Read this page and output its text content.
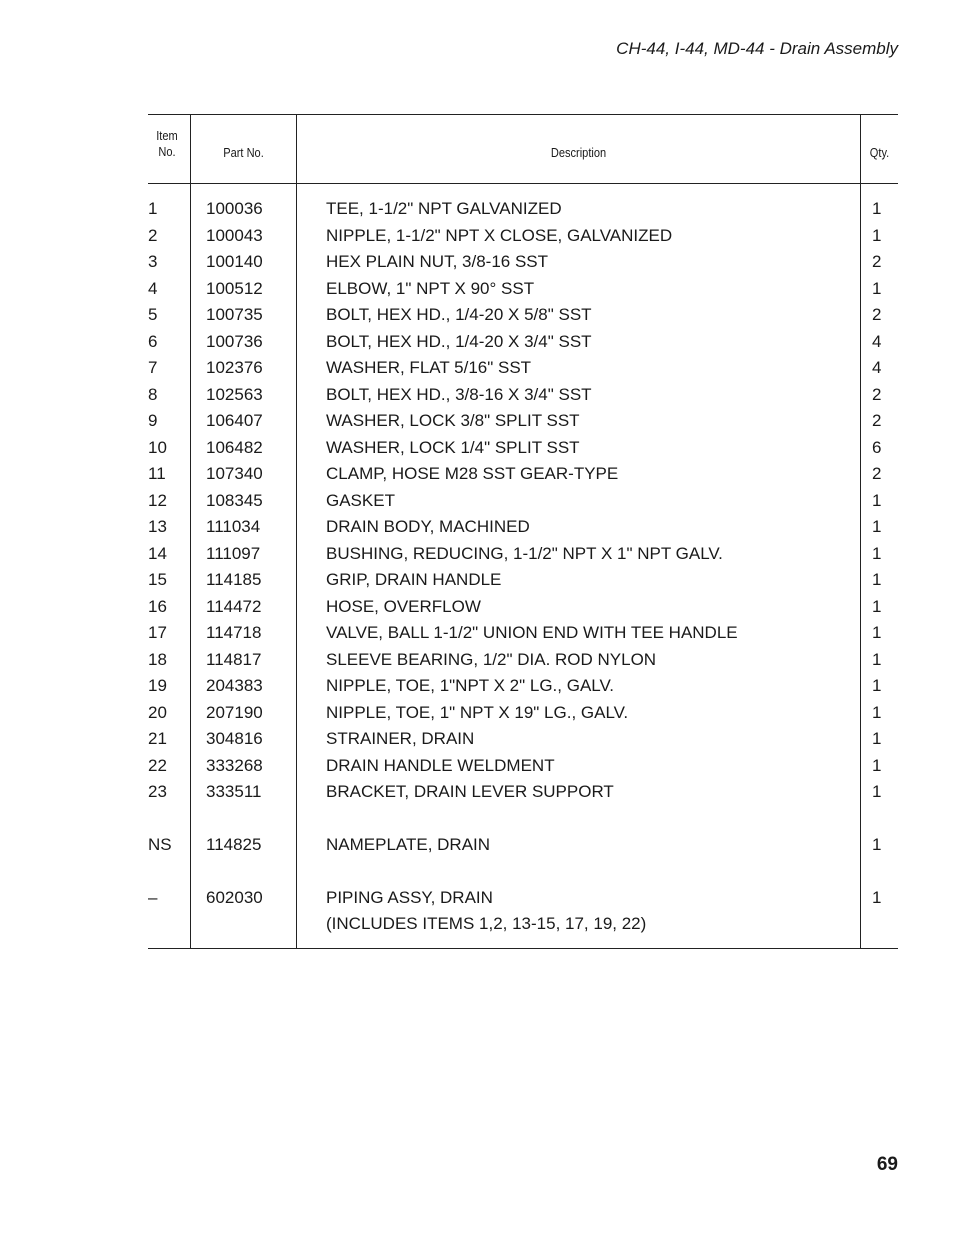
CH-44, I-44, MD-44 - Drain Assembly
Item
No.	Part No.	Description	Qty.
1	100036	TEE, 1-1/2" NPT GALVANIZED	1
2	100043	NIPPLE, 1-1/2" NPT X CLOSE, GALVANIZED	1
3	100140	HEX PLAIN NUT, 3/8-16 SST	2
4	100512	ELBOW, 1" NPT X 90° SST	1
5	100735	BOLT, HEX HD., 1/4-20 X 5/8" SST	2
6	100736	BOLT, HEX HD., 1/4-20 X 3/4" SST	4
7	102376	WASHER, FLAT 5/16" SST	4
8	102563	BOLT, HEX HD., 3/8-16 X 3/4" SST	2
9	106407	WASHER, LOCK 3/8" SPLIT SST	2
10 106482	WASHER, LOCK 1/4" SPLIT SST	6
11 107340	CLAMP, HOSE M28 SST GEAR-TYPE	2
12 108345	GASKET	1
13 111034	DRAIN BODY, MACHINED	1
14 111097	BUSHING, REDUCING, 1-1/2" NPT X 1" NPT GALV.	1
15 114185	GRIP, DRAIN HANDLE	1
16 114472	HOSE, OVERFLOW	1
17 114718	VALVE, BALL 1-1/2" UNION END WITH TEE HANDLE	1
18 114817	SLEEVE BEARING, 1/2" DIA. ROD NYLON	1
19 204383	NIPPLE, TOE, 1"NPT X 2" LG., GALV.	1
20 207190	NIPPLE, TOE, 1" NPT X 19" LG., GALV.	1
21 304816	STRAINER, DRAIN	1
22 333268	DRAIN HANDLE WELDMENT	1
23 333511	BRACKET, DRAIN LEVER SUPPORT	1
NS 114825	NAMEPLATE, DRAIN	1
–	602030	PIPING ASSY, DRAIN	1
(INCLUDES ITEMS 1,2, 13-15, 17, 19, 22)
69
